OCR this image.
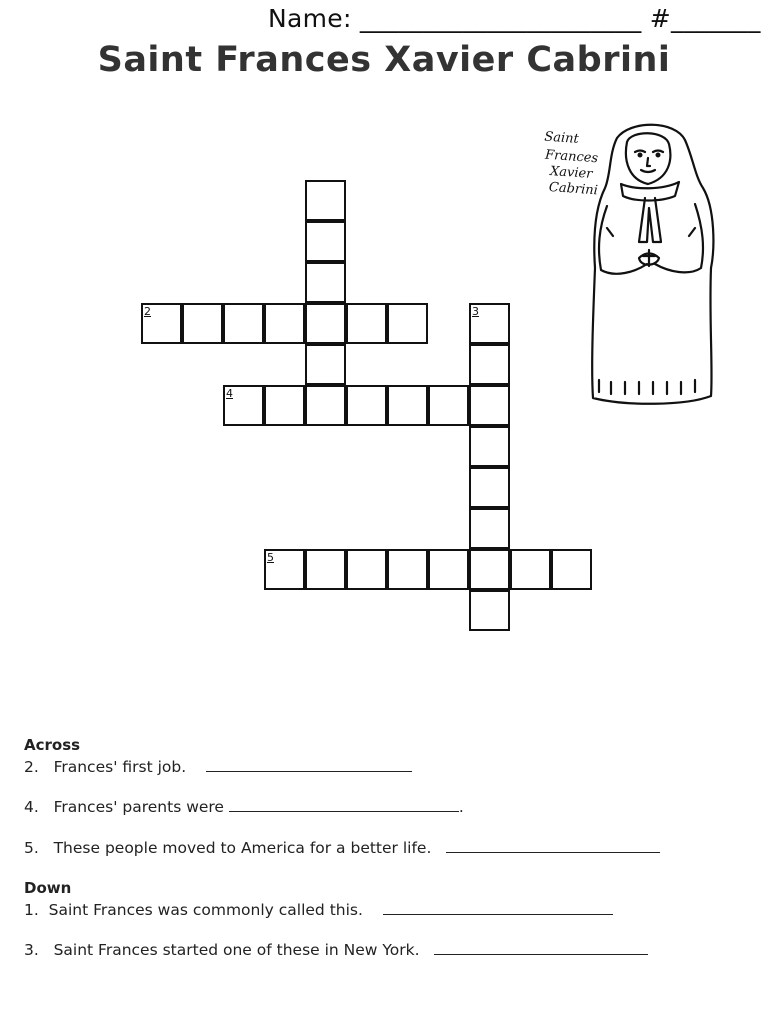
Name: ______________________ #_______
Saint Frances Xavier Cabrini
2	3
4
5
Saint
Frances
Xavier
Cabrini
Across
2. Frances' first job.
4. Frances' parents were	.
5. These people moved to America for a better life.
Down
1. Saint Frances was commonly called this.
3. Saint Frances started one of these in New York.
